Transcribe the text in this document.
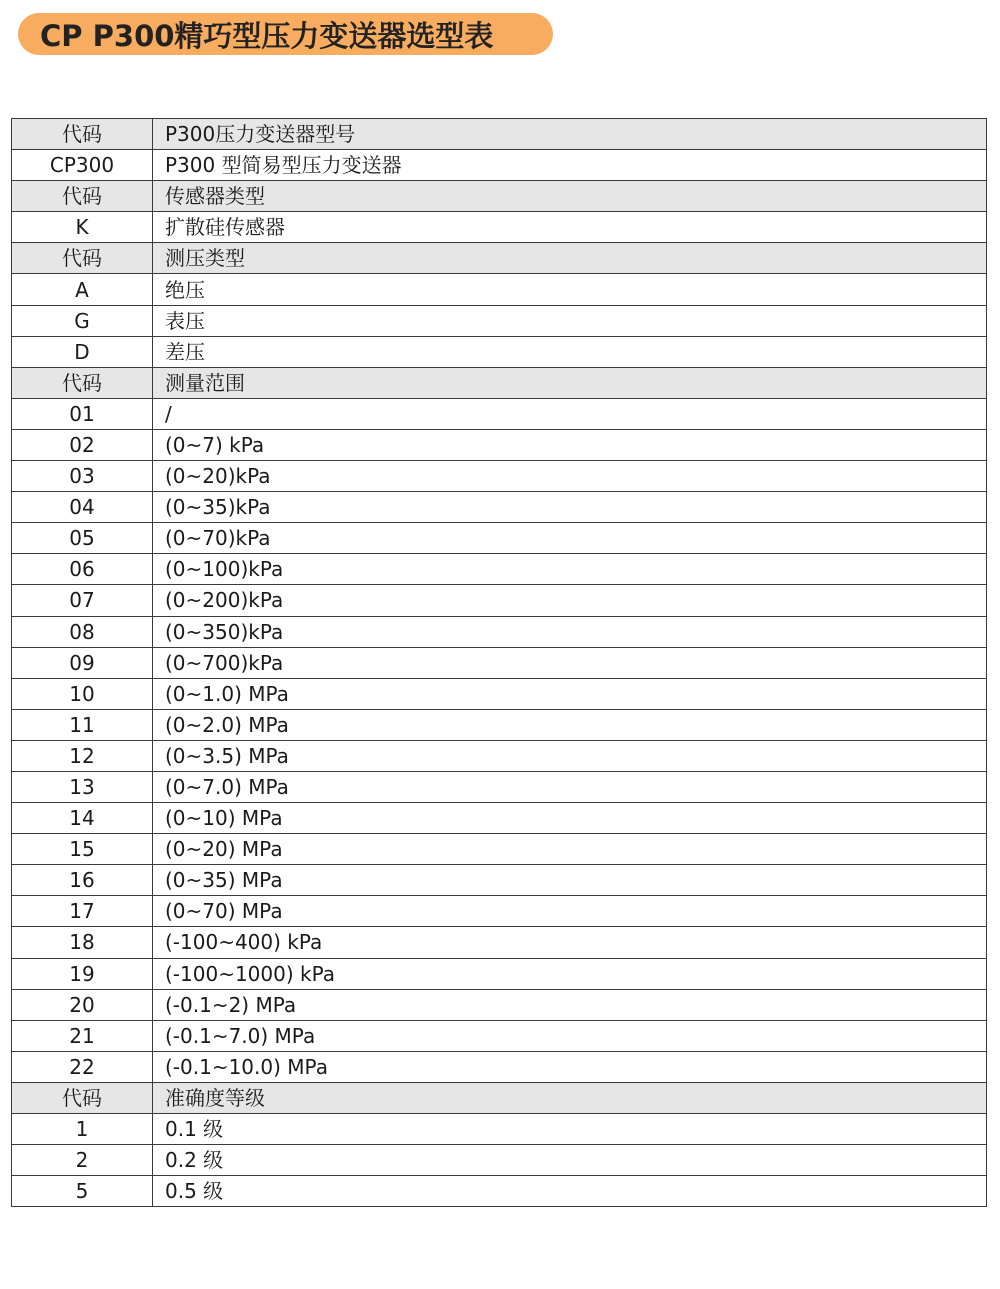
CP P300精巧型压力变送器选型表
代码	P300压力变送器型号
CP300	P300 型简易型压力变送器
代码	传感器类型
K	扩散硅传感器
代码	测压类型
A	绝压
G	表压
D	差压
代码	测量范围
01	/
02	(0~7) kPa
03	(0~20)kPa
04	(0~35)kPa
05	(0~70)kPa
06	(0~100)kPa
07	(0~200)kPa
08	(0~350)kPa
09	(0~700)kPa
10	(0~1.0) MPa
11	(0~2.0) MPa
12	(0~3.5) MPa
13	(0~7.0) MPa
14	(0~10) MPa
15	(0~20) MPa
16	(0~35) MPa
17	(0~70) MPa
18	(-100~400) kPa
19	(-100~1000) kPa
20	(-0.1~2) MPa
21	(-0.1~7.0) MPa
22	(-0.1~10.0) MPa
代码	准确度等级
1	0.1 级
2	0.2 级
5	0.5 级
